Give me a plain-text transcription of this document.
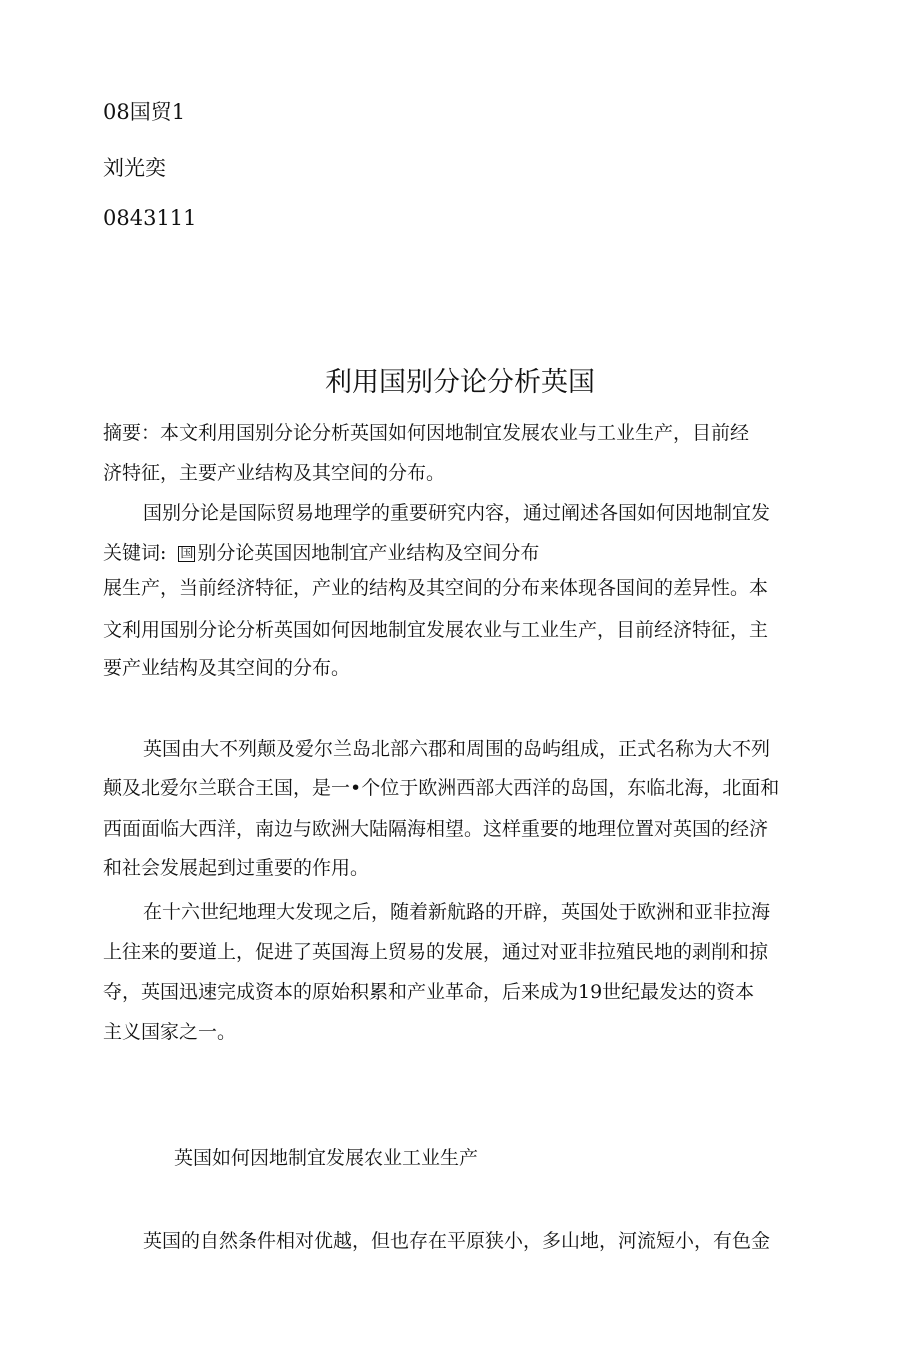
08国贸1
刘光奕
0843111
利用国别分论分析英国
摘要：本文利用国别分论分析英国如何因地制宜发展农业与工业生产，目前经
济特征，主要产业结构及其空间的分布。
国别分论是国际贸易地理学的重要研究内容，通过阐述各国如何因地制宜发
关键词: 国 别分论英国因地制宜产业结构及空间分布
展生产，当前经济特征，产业的结构及其空间的分布来体现各国间的差异性。本
文利用国别分论分析英国如何因地制宜发展农业与工业生产，目前经济特征，主
要产业结构及其空间的分布。
英国由大不列颠及爱尔兰岛北部六郡和周围的岛屿组成，正式名称为大不列
颠及北爱尔兰联合王国，是一•个位于欧洲西部大西洋的岛国，东临北海，北面和
西面面临大西洋，南边与欧洲大陆隔海相望。这样重要的地理位置对英国的经济
和社会发展起到过重要的作用。
在十六世纪地理大发现之后，随着新航路的开辟，英国处于欧洲和亚非拉海
上往来的要道上，促进了英国海上贸易的发展，通过对亚非拉殖民地的剥削和掠
夺，英国迅速完成资本的原始积累和产业革命，后来成为19世纪最发达的资本
主义国家之一。
英国如何因地制宜发展农业工业生产
英国的自然条件相对优越，但也存在平原狭小，多山地，河流短小，有色金
